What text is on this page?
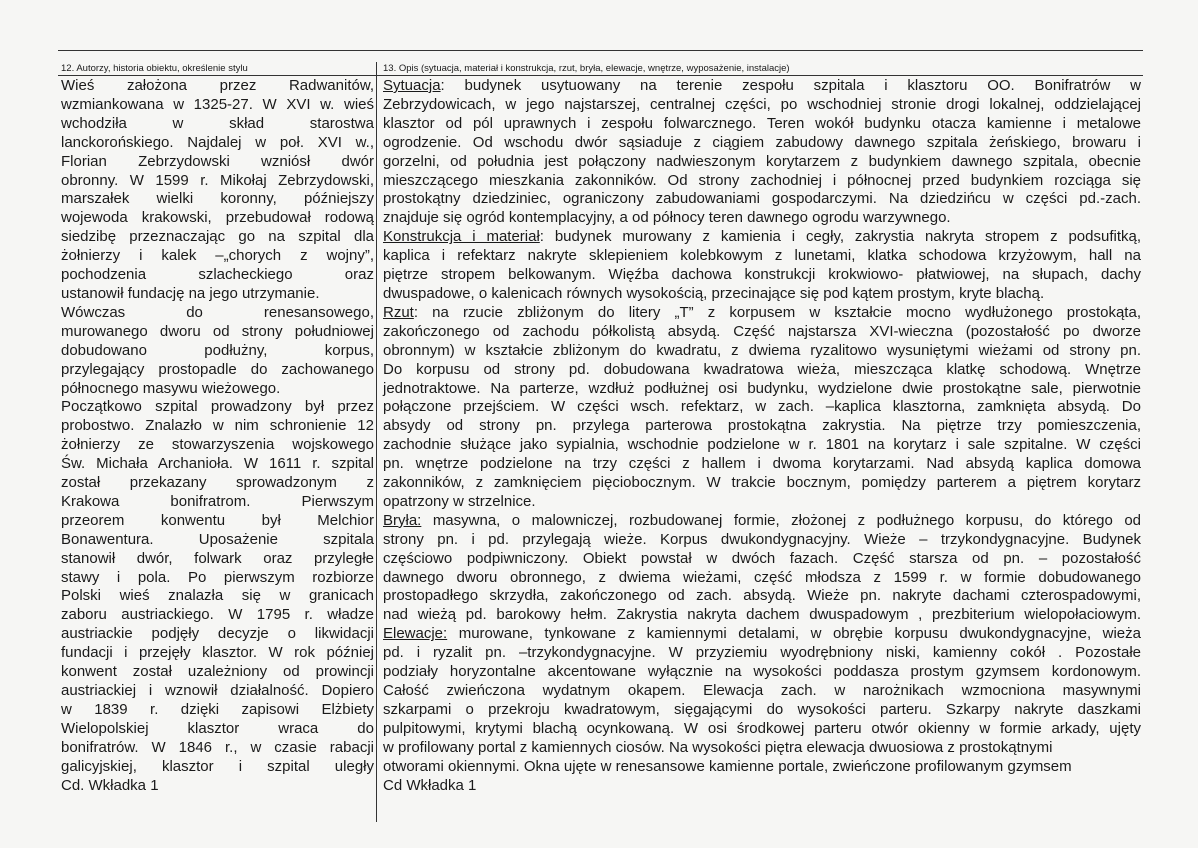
12. Autorzy, historia obiektu, określenie stylu
Wieś założona przez Radwanitów,
wzmiankowana w 1325-27. W XVI w. wieś
wchodziła w skład starostwa
lanckorońskiego. Najdalej w poł. XVI w.,
Florian Zebrzydowski wzniósł dwór
obronny. W 1599 r. Mikołaj Zebrzydowski,
marszałek wielki koronny, późniejszy
wojewoda krakowski, przebudował rodową
siedzibę przeznaczając go na szpital dla
żołnierzy i kalek –„chorych z wojny”,
pochodzenia szlacheckiego oraz
ustanowił fundację na jego utrzymanie.
Wówczas do renesansowego,
murowanego dworu od strony południowej
dobudowano podłużny, korpus,
przylegający prostopadle do zachowanego
północnego masywu wieżowego.
Początkowo szpital prowadzony był przez
probostwo. Znalazło w nim schronienie 12
żołnierzy ze stowarzyszenia wojskowego
Św. Michała Archanioła. W 1611 r. szpital
został przekazany sprowadzonym z
Krakowa bonifratrom. Pierwszym
przeorem konwentu był Melchior
Bonawentura. Uposażenie szpitala
stanowił dwór, folwark oraz przyległe
stawy i pola. Po pierwszym rozbiorze
Polski wieś znalazła się w granicach
zaboru austriackiego. W 1795 r. władze
austriackie podjęły decyzje o likwidacji
fundacji i przejęły klasztor. W rok później
konwent został uzależniony od prowincji
austriackiej i wznowił działalność. Dopiero
w 1839 r. dzięki zapisowi Elżbiety
Wielopolskiej klasztor wraca do
bonifratrów. W 1846 r., w czasie rabacji
galicyjskiej, klasztor i szpital uległy
Cd. Wkładka 1
13. Opis (sytuacja, materiał i konstrukcja, rzut, bryła, elewacje, wnętrze, wyposażenie, instalacje)
Sytuacja: budynek usytuowany na terenie zespołu szpitala i klasztoru OO. Bonifratrów w
Zebrzydowicach, w jego najstarszej, centralnej części, po wschodniej stronie drogi lokalnej, oddzielającej
klasztor od pól uprawnych i zespołu folwarcznego. Teren wokół budynku otacza kamienne i metalowe
ogrodzenie. Od wschodu dwór sąsiaduje z ciągiem zabudowy dawnego szpitala żeńskiego, browaru i
gorzelni, od południa jest połączony nadwieszonym korytarzem z budynkiem dawnego szpitala, obecnie
mieszczącego mieszkania zakonników. Od strony zachodniej i północnej przed budynkiem rozciąga się
prostokątny dziedziniec, ograniczony zabudowaniami gospodarczymi. Na dziedzińcu w części pd.-zach.
znajduje się ogród kontemplacyjny, a od północy teren dawnego ogrodu warzywnego.
Konstrukcja i materiał: budynek murowany z kamienia i cegły, zakrystia nakryta stropem z podsufitką,
kaplica i refektarz nakryte sklepieniem kolebkowym z lunetami, klatka schodowa krzyżowym, hall na
piętrze stropem belkowanym. Więźba dachowa konstrukcji krokwiowo- płatwiowej, na słupach, dachy
dwuspadowe, o kalenicach równych wysokością, przecinające się pod kątem prostym, kryte blachą.
Rzut: na rzucie zbliżonym do litery „T” z korpusem w kształcie mocno wydłużonego prostokąta,
zakończonego od zachodu półkolistą absydą. Część najstarsza XVI-wieczna (pozostałość po dworze
obronnym) w kształcie zbliżonym do kwadratu, z dwiema ryzalitowo wysuniętymi wieżami od strony pn.
Do korpusu od strony pd. dobudowana kwadratowa wieża, mieszcząca klatkę schodową. Wnętrze
jednotraktowe. Na parterze, wzdłuż podłużnej osi budynku, wydzielone dwie prostokątne sale, pierwotnie
połączone przejściem. W części wsch. refektarz, w zach. –kaplica klasztorna, zamknięta absydą. Do
absydy od strony pn. przylega parterowa prostokątna zakrystia. Na piętrze trzy pomieszczenia,
zachodnie służące jako sypialnia, wschodnie podzielone w r. 1801 na korytarz i sale szpitalne. W części
pn. wnętrze podzielone na trzy części z hallem i dwoma korytarzami. Nad absydą kaplica domowa
zakonników, z zamknięciem pięciobocznym. W trakcie bocznym, pomiędzy parterem a piętrem korytarz
opatrzony w strzelnice.
Bryła: masywna, o malowniczej, rozbudowanej formie, złożonej z podłużnego korpusu, do którego od
strony pn. i pd. przylegają wieże. Korpus dwukondygnacyjny. Wieże – trzykondygnacyjne. Budynek
częściowo podpiwniczony. Obiekt powstał w dwóch fazach. Część starsza od pn. – pozostałość
dawnego dworu obronnego, z dwiema wieżami, część młodsza z 1599 r. w formie dobudowanego
prostopadłego skrzydła, zakończonego od zach. absydą. Wieże pn. nakryte dachami czterospadowymi,
nad wieżą pd. barokowy hełm. Zakrystia nakryta dachem dwuspadowym , prezbiterium wielopołaciowym.
Elewacje: murowane, tynkowane z kamiennymi detalami, w obrębie korpusu dwukondygnacyjne, wieża
pd. i ryzalit pn. –trzykondygnacyjne. W przyziemiu wyodrębniony niski, kamienny cokół . Pozostałe
podziały horyzontalne akcentowane wyłącznie na wysokości poddasza prostym gzymsem kordonowym.
Całość zwieńczona wydatnym okapem. Elewacja zach. w narożnikach wzmocniona masywnymi
szkarpami o przekroju kwadratowym, sięgającymi do wysokości parteru. Szkarpy nakryte daszkami
pulpitowymi, krytymi blachą ocynkowaną. W osi środkowej parteru otwór okienny w formie arkady, ujęty
w profilowany portal z kamiennych ciosów. Na wysokości piętra elewacja dwuosiowa z prostokątnymi
otworami okiennymi. Okna ujęte w renesansowe kamienne portale, zwieńczone profilowanym gzymsem
Cd Wkładka 1
